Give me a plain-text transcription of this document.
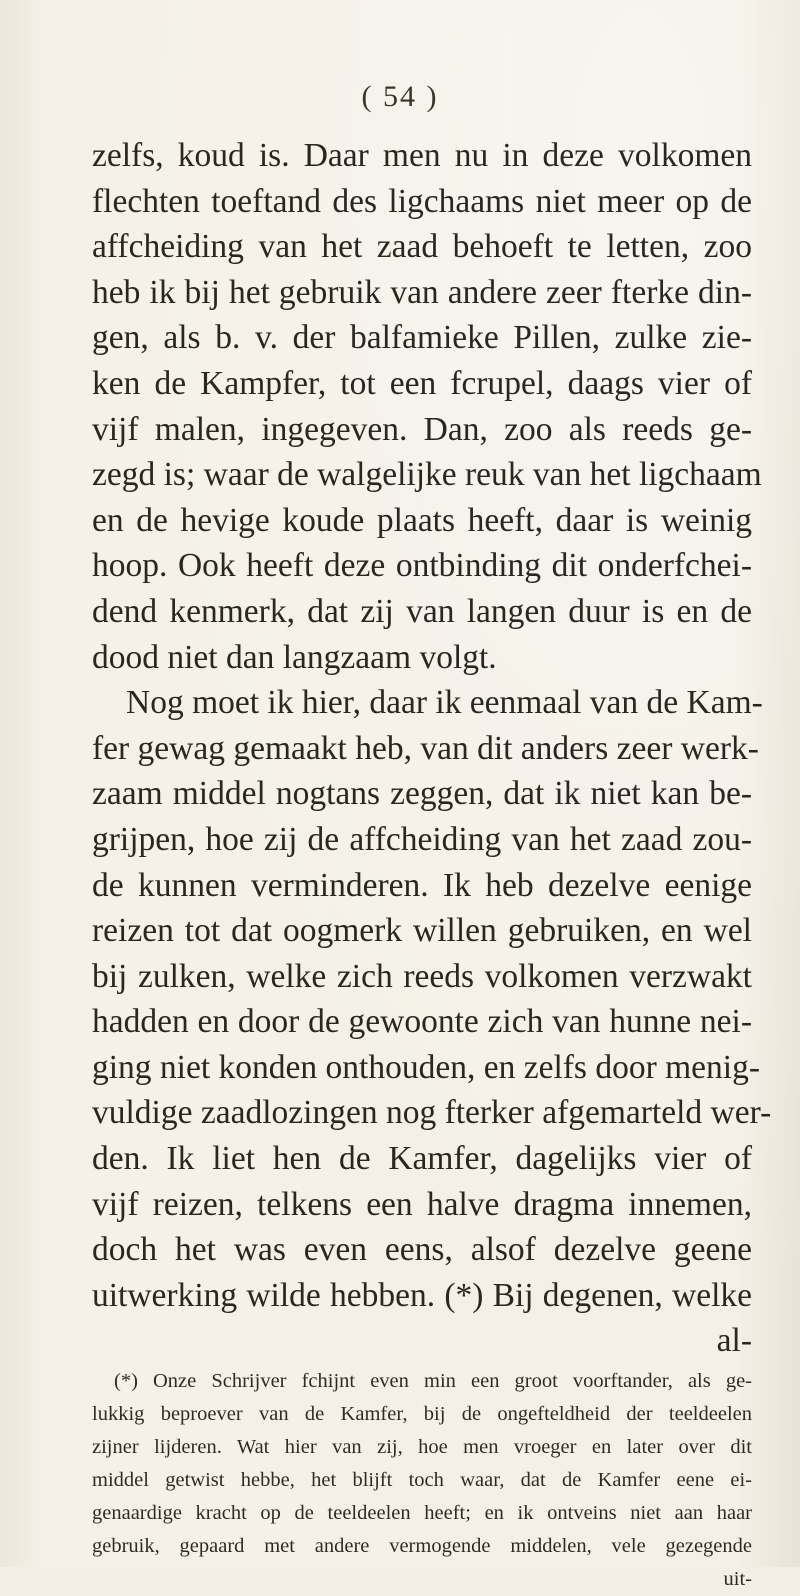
( 54 )
zelfs, koud is. Daar men nu in deze volkomen
flechten toeftand des ligchaams niet meer op de
affcheiding van het zaad behoeft te letten, zoo
heb ik bij het gebruik van andere zeer fterke din-
gen, als b. v. der balfamieke Pillen, zulke zie-
ken de Kampfer, tot een fcrupel, daags vier of
vijf malen, ingegeven. Dan, zoo als reeds ge-
zegd is; waar de walgelijke reuk van het ligchaam
en de hevige koude plaats heeft, daar is weinig
hoop. Ook heeft deze ontbinding dit onderfchei-
dend kenmerk, dat zij van langen duur is en de
dood niet dan langzaam volgt.
Nog moet ik hier, daar ik eenmaal van de Kam-
fer gewag gemaakt heb, van dit anders zeer werk-
zaam middel nogtans zeggen, dat ik niet kan be-
grijpen, hoe zij de affcheiding van het zaad zou-
de kunnen verminderen. Ik heb dezelve eenige
reizen tot dat oogmerk willen gebruiken, en wel
bij zulken, welke zich reeds volkomen verzwakt
hadden en door de gewoonte zich van hunne nei-
ging niet konden onthouden, en zelfs door menig-
vuldige zaadlozingen nog fterker afgemarteld wer-
den. Ik liet hen de Kamfer, dagelijks vier of
vijf reizen, telkens een halve dragma innemen,
doch het was even eens, alsof dezelve geene
uitwerking wilde hebben. (*) Bij degenen, welke
al-
(*) Onze Schrijver fchijnt even min een groot voorftander, als ge-
lukkig beproever van de Kamfer, bij de ongefteldheid der teeldeelen
zijner lijderen. Wat hier van zij, hoe men vroeger en later over dit
middel getwist hebbe, het blijft toch waar, dat de Kamfer eene ei-
genaardige kracht op de teeldeelen heeft; en ik ontveins niet aan haar
gebruik, gepaard met andere vermogende middelen, vele gezegende
uit-
